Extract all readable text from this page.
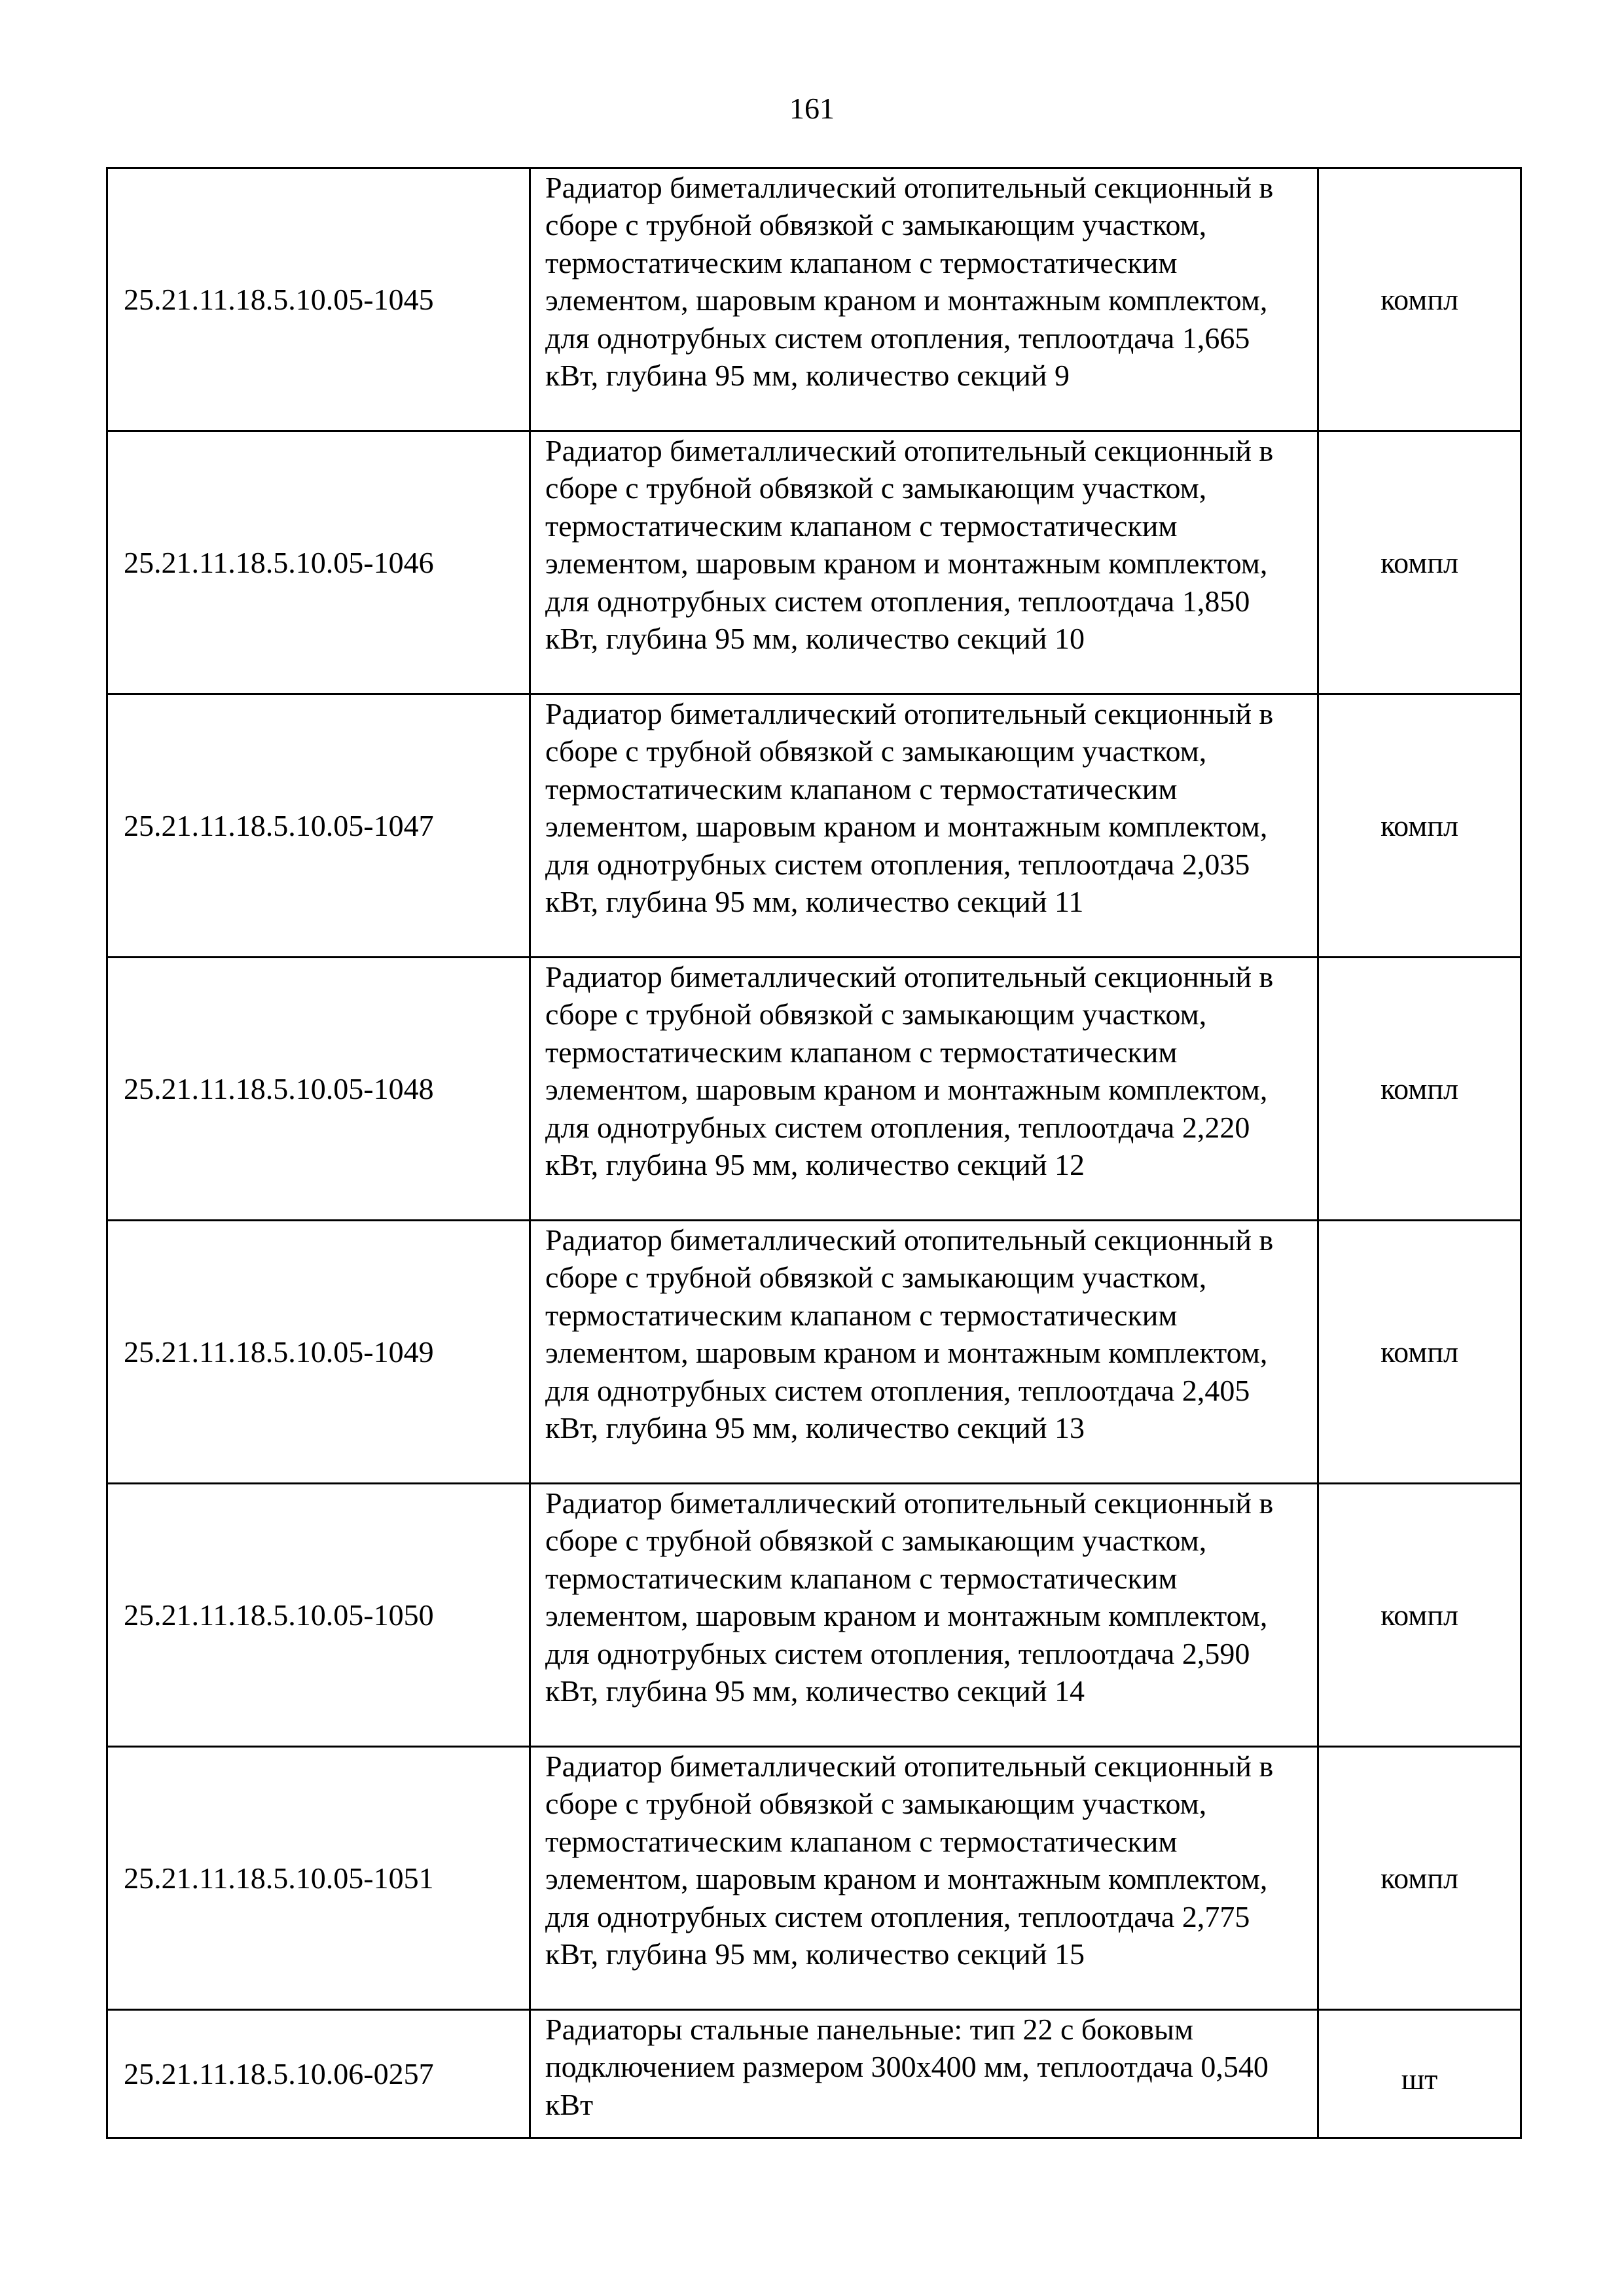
161
25.21.11.18.5.10.05-1045	Радиатор биметаллический отопительный секционный в сборе с трубной обвязкой с замыкающим участком, термостатическим клапаном с термостатическим элементом, шаровым краном и монтажным комплектом, для однотрубных систем отопления, теплоотдача 1,665 кВт, глубина 95 мм, количество секций 9	компл
25.21.11.18.5.10.05-1046	Радиатор биметаллический отопительный секционный в сборе с трубной обвязкой с замыкающим участком, термостатическим клапаном с термостатическим элементом, шаровым краном и монтажным комплектом, для однотрубных систем отопления, теплоотдача 1,850 кВт, глубина 95 мм, количество секций 10	компл
25.21.11.18.5.10.05-1047	Радиатор биметаллический отопительный секционный в сборе с трубной обвязкой с замыкающим участком, термостатическим клапаном с термостатическим элементом, шаровым краном и монтажным комплектом, для однотрубных систем отопления, теплоотдача 2,035 кВт, глубина 95 мм, количество секций 11	компл
25.21.11.18.5.10.05-1048	Радиатор биметаллический отопительный секционный в сборе с трубной обвязкой с замыкающим участком, термостатическим клапаном с термостатическим элементом, шаровым краном и монтажным комплектом, для однотрубных систем отопления, теплоотдача 2,220 кВт, глубина 95 мм, количество секций 12	компл
25.21.11.18.5.10.05-1049	Радиатор биметаллический отопительный секционный в сборе с трубной обвязкой с замыкающим участком, термостатическим клапаном с термостатическим элементом, шаровым краном и монтажным комплектом, для однотрубных систем отопления, теплоотдача 2,405 кВт, глубина 95 мм, количество секций 13	компл
25.21.11.18.5.10.05-1050	Радиатор биметаллический отопительный секционный в сборе с трубной обвязкой с замыкающим участком, термостатическим клапаном с термостатическим элементом, шаровым краном и монтажным комплектом, для однотрубных систем отопления, теплоотдача 2,590 кВт, глубина 95 мм, количество секций 14	компл
25.21.11.18.5.10.05-1051	Радиатор биметаллический отопительный секционный в сборе с трубной обвязкой с замыкающим участком, термостатическим клапаном с термостатическим элементом, шаровым краном и монтажным комплектом, для однотрубных систем отопления, теплоотдача 2,775 кВт, глубина 95 мм, количество секций 15	компл
25.21.11.18.5.10.06-0257	Радиаторы стальные панельные: тип 22 с боковым подключением размером 300x400 мм, теплоотдача 0,540 кВт	шт
